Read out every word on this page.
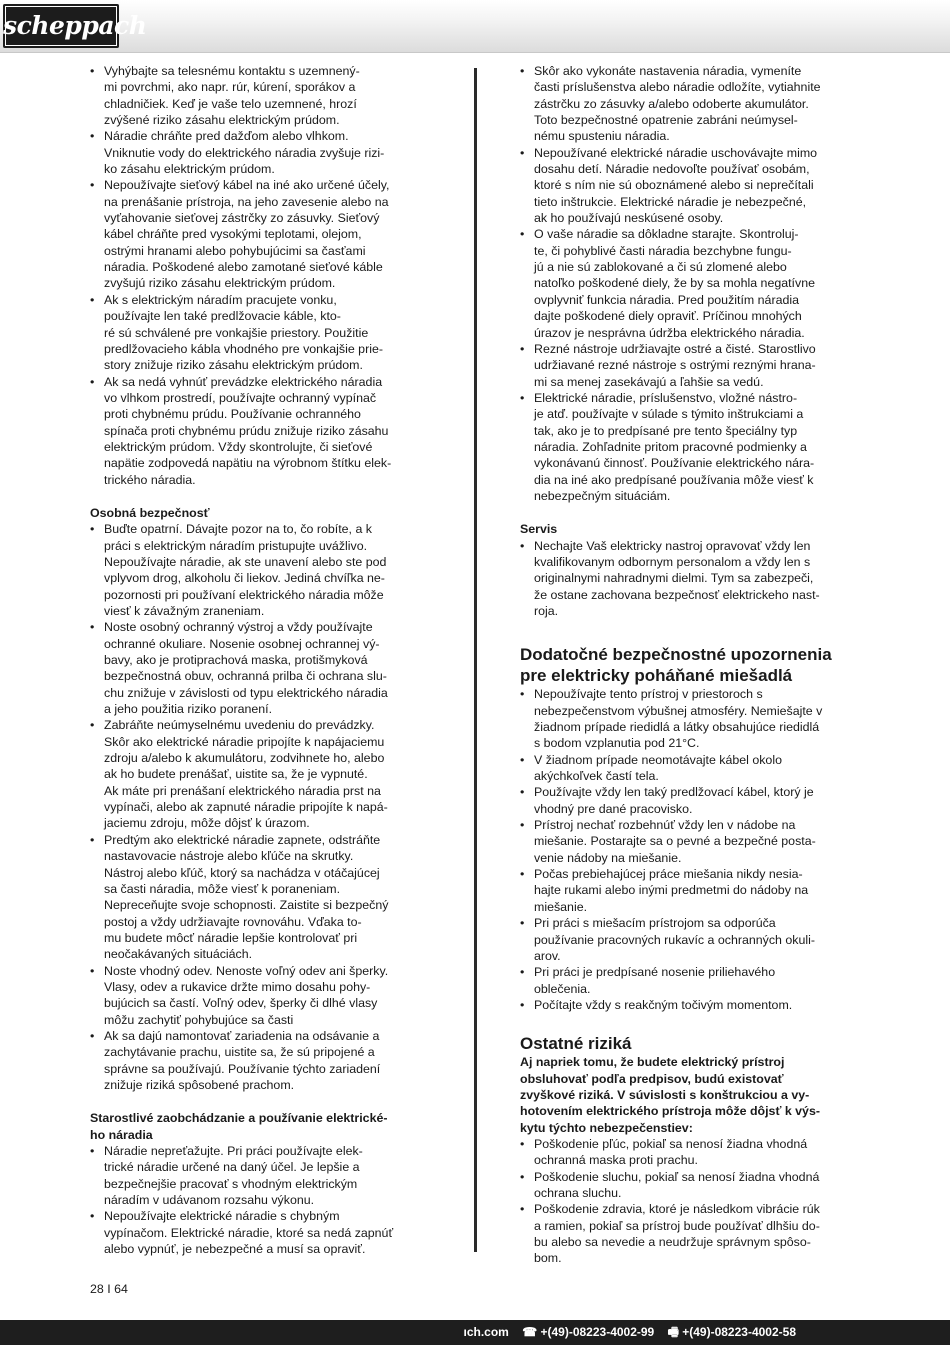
scheppach
• Vyhýbajte sa telesnému kontaktu s uzemnený-
mi povrchmi, ako napr. rúr, kúrení, sporákov a
chladničiek. Keď je vaše telo uzemnené, hrozí
zvýšené riziko zásahu elektrickým prúdom.
• Náradie chráňte pred dažďom alebo vlhkom.
Vniknutie vody do elektrického náradia zvyšuje rizi-
ko zásahu elektrickým prúdom.
• Nepoužívajte sieťový kábel na iné ako určené účely,
na prenášanie prístroja, na jeho zavesenie alebo na
vyťahovanie sieťovej zástrčky zo zásuvky. Sieťový
kábel chráňte pred vysokými teplotami, olejom,
ostrými hranami alebo pohybujúcimi sa časťami
náradia. Poškodené alebo zamotané sieťové káble
zvyšujú riziko zásahu elektrickým prúdom.
• Ak s elektrickým náradím pracujete vonku,
používajte len také predlžovacie káble, kto-
ré sú schválené pre vonkajšie priestory. Použitie
predlžovacieho kábla vhodného pre vonkajšie prie-
story znižuje riziko zásahu elektrickým prúdom.
• Ak sa nedá vyhnúť prevádzke elektrického náradia
vo vlhkom prostredí, používajte ochranný vypínač
proti chybnému prúdu. Používanie ochranného
spínača proti chybnému prúdu znižuje riziko zásahu
elektrickým prúdom. Vždy skontrolujte, či sieťové
napätie zodpovedá napätiu na výrobnom štítku elek-
trického náradia.
Osobná bezpečnosť
• Buďte opatrní. Dávajte pozor na to, čo robíte, a k
práci s elektrickým náradím pristupujte uvážlivo.
Nepoužívajte náradie, ak ste unavení alebo ste pod
vplyvom drog, alkoholu či liekov. Jediná chvíľka ne-
pozornosti pri používaní elektrického náradia môže
viesť k závažným zraneniam.
• Noste osobný ochranný výstroj a vždy používajte
ochranné okuliare. Nosenie osobnej ochrannej vý-
bavy, ako je protiprachová maska, protišmyková
bezpečnostná obuv, ochranná prilba či ochrana slu-
chu znižuje v závislosti od typu elektrického náradia
a jeho použitia riziko poranení.
• Zabráňte neúmyselnému uvedeniu do prevádzky.
Skôr ako elektrické náradie pripojíte k napájaciemu
zdroju a/alebo k akumulátoru, zodvihnete ho, alebo
ak ho budete prenášať, uistite sa, že je vypnuté.
Ak máte pri prenášaní elektrického náradia prst na
vypínači, alebo ak zapnuté náradie pripojíte k napá-
jaciemu zdroju, môže dôjsť k úrazom.
• Predtým ako elektrické náradie zapnete, odstráňte
nastavovacie nástroje alebo kľúče na skrutky.
Nástroj alebo kľúč, ktorý sa nachádza v otáčajúcej
sa časti náradia, môže viesť k poraneniam.
Nepreceňujte svoje schopnosti. Zaistite si bezpečný
postoj a vždy udržiavajte rovnováhu. Vďaka to-
mu budete môcť náradie lepšie kontrolovať pri
neočakávaných situáciách.
• Noste vhodný odev. Nenoste voľný odev ani šperky.
Vlasy, odev a rukavice držte mimo dosahu pohy-
bujúcich sa častí. Voľný odev, šperky či dlhé vlasy
môžu zachytiť pohybujúce sa časti
• Ak sa dajú namontovať zariadenia na odsávanie a
zachytávanie prachu, uistite sa, že sú pripojené a
správne sa používajú. Používanie týchto zariadení
znižuje riziká spôsobené prachom.
Starostlivé zaobchádzanie a používanie elektrické-
ho náradia
• Náradie nepreťažujte. Pri práci používajte elek-
trické náradie určené na daný účel. Je lepšie a
bezpečnejšie pracovať s vhodným elektrickým
náradím v udávanom rozsahu výkonu.
• Nepoužívajte elektrické náradie s chybným
vypínačom. Elektrické náradie, ktoré sa nedá zapnúť
alebo vypnúť, je nebezpečné a musí sa opraviť.
• Skôr ako vykonáte nastavenia náradia, vymeníte
časti príslušenstva alebo náradie odložíte, vytiahnite
zástrčku zo zásuvky a/alebo odoberte akumulátor.
Toto bezpečnostné opatrenie zabráni neúmysel-
nému spusteniu náradia.
• Nepoužívané elektrické náradie uschovávajte mimo
dosahu detí. Náradie nedovoľte používať osobám,
ktoré s ním nie sú oboznámené alebo si neprečítali
tieto inštrukcie. Elektrické náradie je nebezpečné,
ak ho používajú neskúsené osoby.
• O vaše náradie sa dôkladne starajte. Skontroluj-
te, či pohyblivé časti náradia bezchybne fungu-
jú a nie sú zablokované a či sú zlomené alebo
natoľko poškodené diely, že by sa mohla negatívne
ovplyvniť funkcia náradia. Pred použitím náradia
dajte poškodené diely opraviť. Príčinou mnohých
úrazov je nesprávna údržba elektrického náradia.
• Rezné nástroje udržiavajte ostré a čisté. Starostlivo
udržiavané rezné nástroje s ostrými reznými hrana-
mi sa menej zasekávajú a ľahšie sa vedú.
• Elektrické náradie, príslušenstvo, vložné nástro-
je atď. používajte v súlade s týmito inštrukciami a
tak, ako je to predpísané pre tento špeciálny typ
náradia. Zohľadnite pritom pracovné podmienky a
vykonávanú činnosť. Používanie elektrického nára-
dia na iné ako predpísané používania môže viesť k
nebezpečným situáciám.
Servis
• Nechajte Vaš elektricky nastroj opravovať vždy len
kvalifikovanym odbornym personalom a vždy len s
originalnymi nahradnymi dielmi. Tym sa zabezpeči,
že ostane zachovana bezpečnosť elektrickeho nast-
roja.
Dodatočné bezpečnostné upozornenia
pre elektricky poháňané miešadlá
• Nepoužívajte tento prístroj v priestoroch s
nebezpečenstvom výbušnej atmosféry. Nemiešajte v
žiadnom prípade riedidlá a látky obsahujúce riedidlá
s bodom vzplanutia pod 21°C.
• V žiadnom prípade neomotávajte kábel okolo
akýchkoľvek častí tela.
• Používajte vždy len taký predlžovací kábel, ktorý je
vhodný pre dané pracovisko.
• Prístroj nechať rozbehnúť vždy len v nádobe na
miešanie. Postarajte sa o pevné a bezpečné posta-
venie nádoby na miešanie.
• Počas prebiehajúcej práce miešania nikdy nesia-
hajte rukami alebo inými predmetmi do nádoby na
miešanie.
• Pri práci s miešacím prístrojom sa odporúča
používanie pracovných rukavíc a ochranných okuli-
arov.
• Pri práci je predpísané nosenie priliehavého
oblečenia.
• Počítajte vždy s reakčným točivým momentom.
Ostatné riziká

Aj napriek tomu, že budete elektrický prístroj
obsluhovať podľa predpisov, budú existovať
zvyškové riziká. V súvislosti s konštrukciou a vy-
hotovením elektrického prístroja môže dôjsť k výs-
kytu týchto nebezpečenstiev:

• Poškodenie pľúc, pokiaľ sa nenosí žiadna vhodná
ochranná maska proti prachu.
• Poškodenie sluchu, pokiaľ sa nenosí žiadna vhodná
ochrana sluchu.
• Poškodenie zdravia, ktoré je následkom vibrácie rúk
a ramien, pokiaľ sa prístroj bude používať dlhšiu do-
bu alebo sa nevedie a neudržuje správnym spôso-
bom.
28 I 64
ıch.com ☎ +(49)-08223-4002-99 🖷 +(49)-08223-4002-58
